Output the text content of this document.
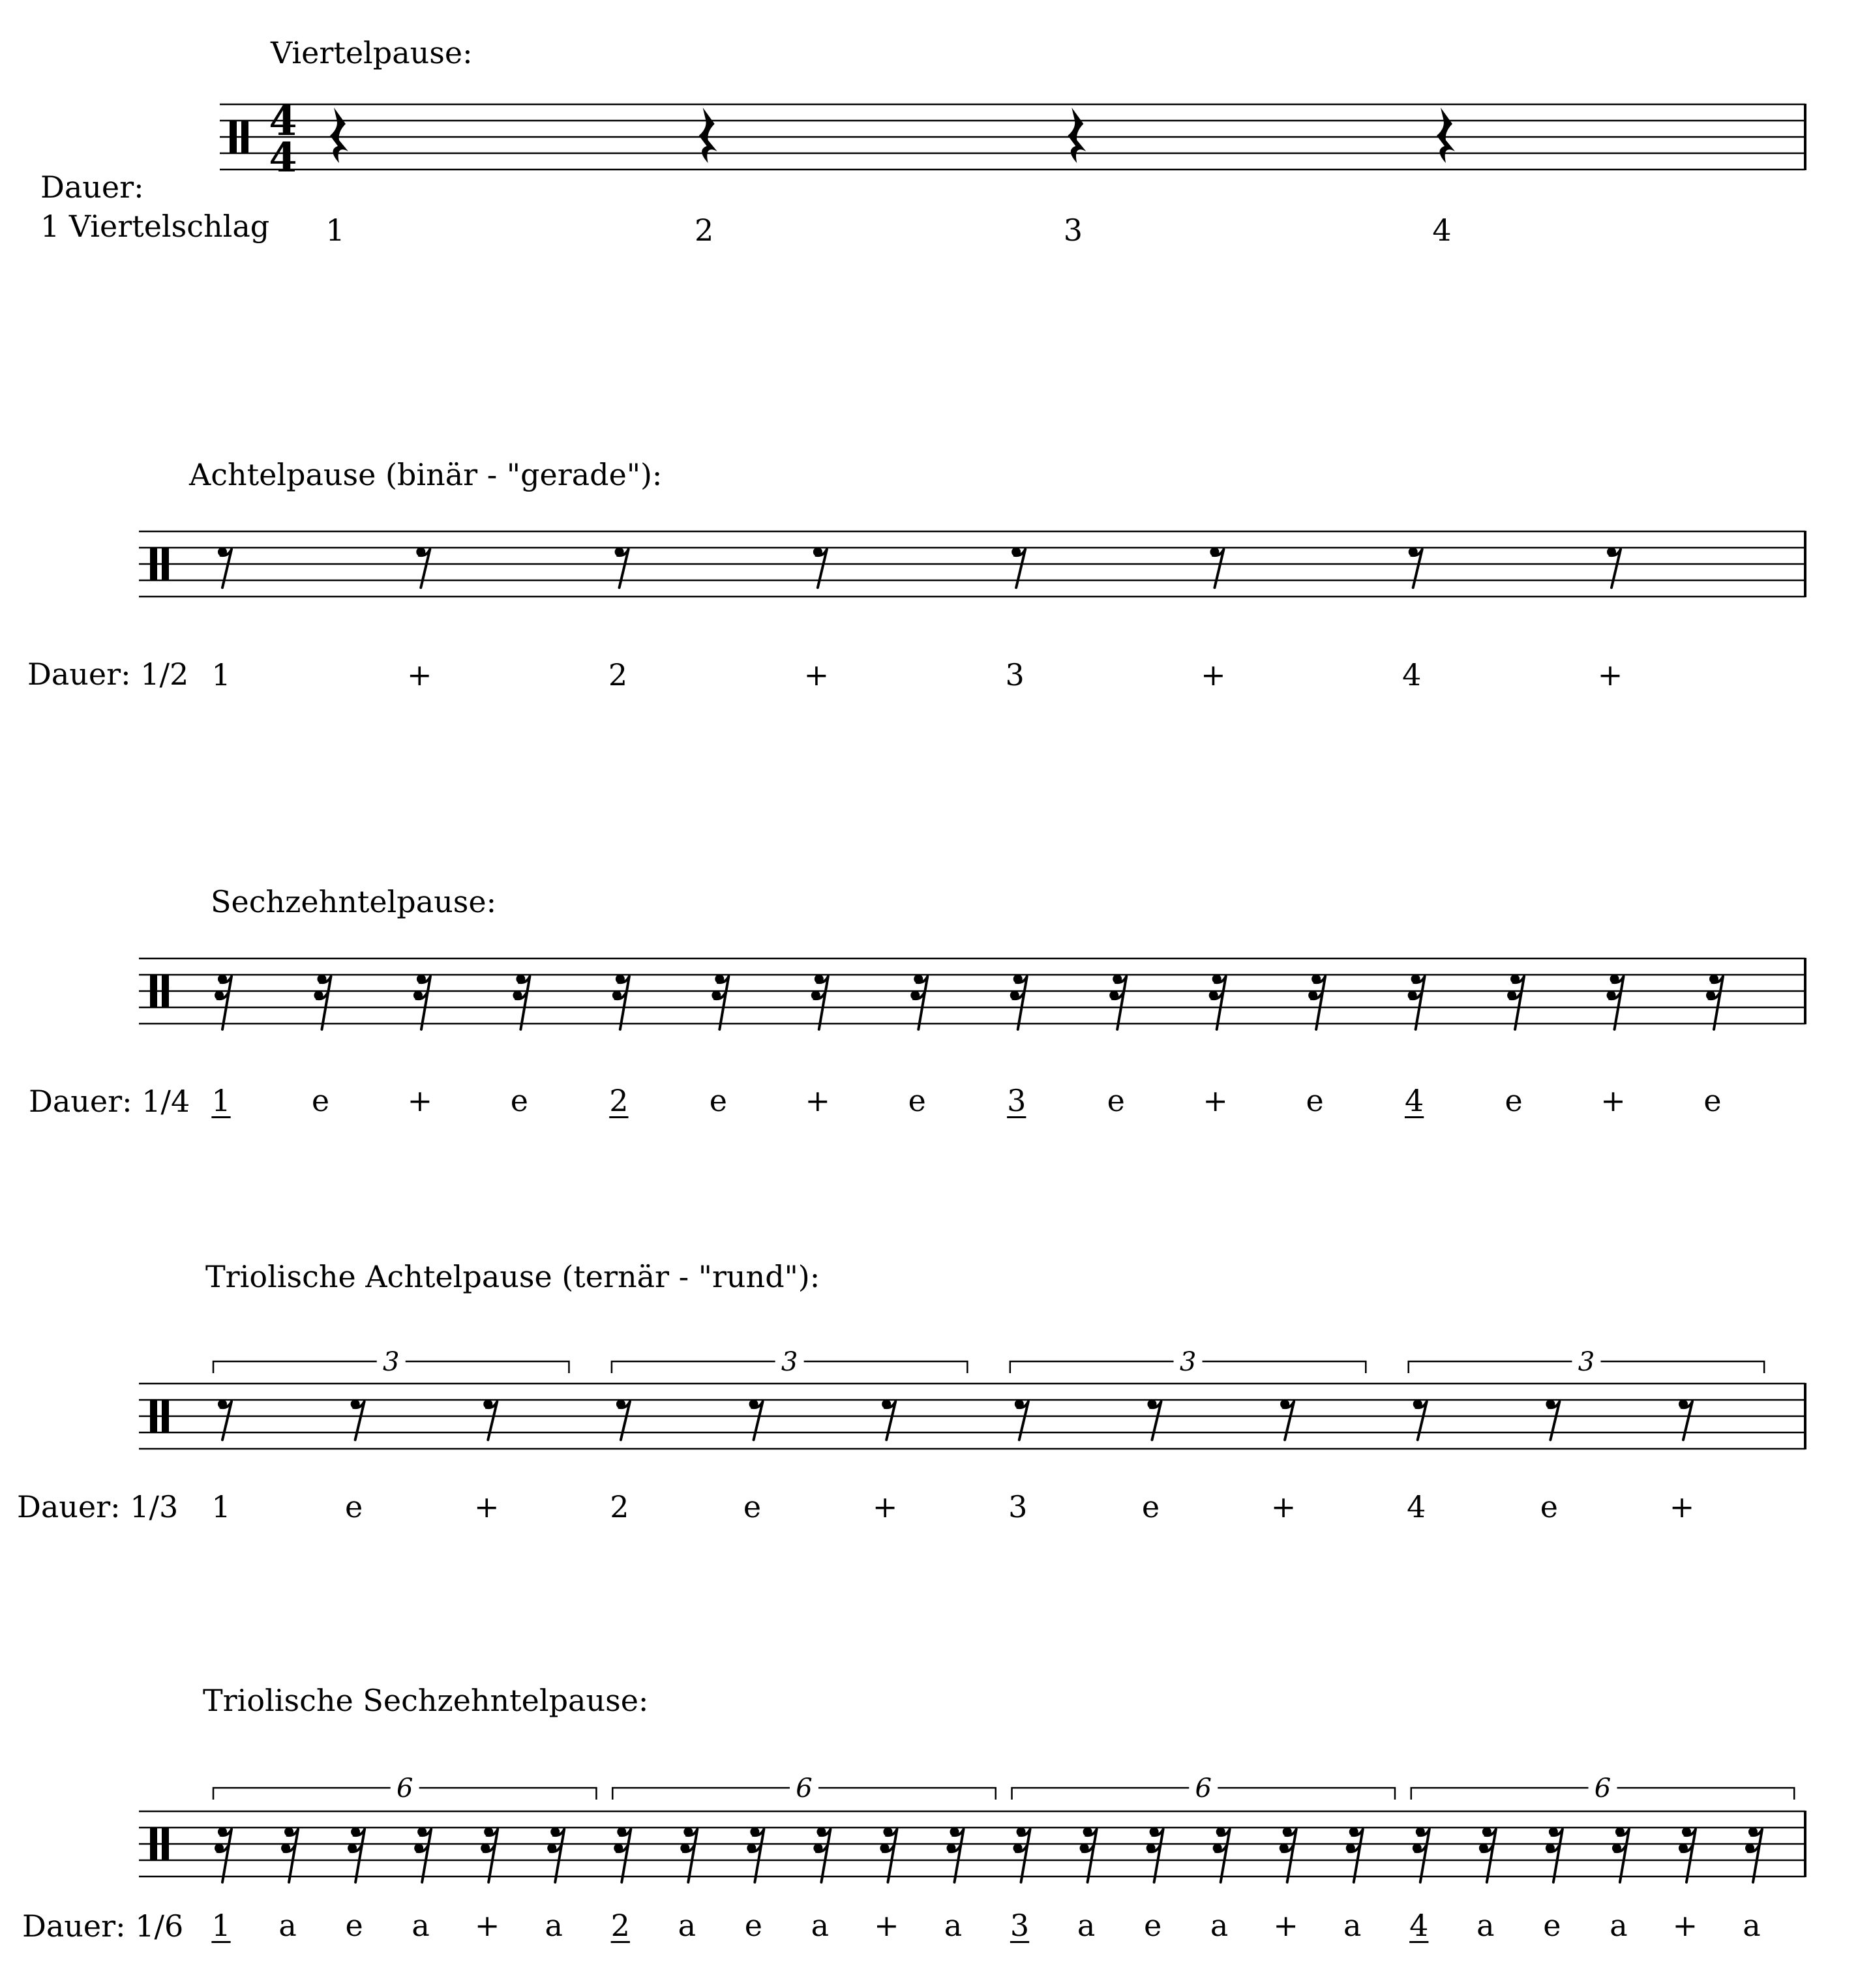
Viertelpause:
4
4
Dauer:
1 Viertelschlag 1	2	3	4
Achtelpause (binär - "gerade"):
Dauer: 1/2 1	+	2	+	3	+	4	+
Sechzehntelpause:
Dauer: 1/4 1	e	+	e	2	e	+	e	3	e	+	e	4	e	+	e
Triolische Achtelpause (ternär - "rund"):
3	3	3	3
Dauer: 1/3 1	e	+	2	e	+	3	e	+	4	e	+
Triolische Sechzehntelpause:
6	6	6	6
Dauer: 1/6 1 a e a + a 2 a e a + a 3 a e a + a 4 a e a + a
